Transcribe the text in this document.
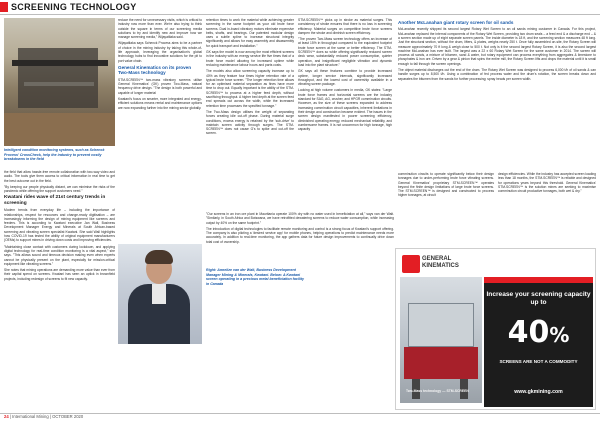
SCREENING TECHNOLOGY
Intelligent condition monitoring systems, such as Schenck Process' CrossCheck, help the industry to prevent costly breakdowns in the field

the field that allow hassle-free remote collaboration with two-way video and audio. The tools give them access to critical information in real time to get the best outcome out in the field.

"By keeping our people physically distant, we can minimise the risks of the pandemic while offering the support customers need."

Kwatani rides wave of 21st century trends in screening

Modern trends from everyday life – including the importance of relationships, respect for resources and change-ready digitisation – are increasingly informing the design of mining equipment like screens and feeders. This is according to Kwatani executive Jan Wall, Business Development Manager Energy and Minerals at South African-based screening and vibrating screen specialist Kwatani. She said Wall highlights how COVID-19 has tested the ability of original equipment manufacturers (OEMs) to support mines in driving down costs and improving efficiencies.

"Maintaining close contact with customers during lockdown, and applying digital technology for real-time condition monitoring is a vital aspect," she says. "This allows sound and timeous decision making even when experts cannot be physically present on the plant, especially for mission-critical equipment like vibrating screens."

She notes that mining operations are demanding more value than ever from their capital spend on screens. Kwatani has seen an uptick in brownfield projects, including redesign of screens to fit new capacity.

reduce the need for unnecessary visits, which is critical to industry now more than ever. We're also trying to think outside the square in terms of our screening media solutions to try and identify new and improve how we manage screening media," Wijayatilaka said.

Wijayatilaka says Schenck Process aims to be a partner of choice in the mining industry by taking this whole-of-life approach, leveraging the organisation's global technology hubs to find innovative solutions for the pit to port value chain.

General Kinematics on its proven Two-Mass technology

STM-SCREEN™ two-mass vibratory screens utilise General Kinematics' (GK) proven Two-Mass, natural frequency drive design. "The design is both powerful and capable of longer material

Kwatani's focus on smarter, more integrated and energy-efficient solutions means rental and maintenance options are now expanding further into the mining sector globally.

retention times to work the material while achieving greater screening in the same footprint as your old brute force screens. Dual in-board vibratory motors eliminate expensive belts, shafts, and bearings. Our patented modular design uses a subtle spline to increase structural integrity significantly and allows for easy assembly and disassembly for quick transport and installation."

GK says the model is now among the most efficient screens in the industry with an energy service life five times that of a brute force model allowing for increased uptime while reducing maintenance labour hours and parts costs.

The models also allow screening capacity increase up to 40% as they feature four times higher retention rate of a typical brute force screen. "The longer retention time allows for an optimised material separation as fines have more time to drop out. Equally important is the ability of the STM-SCREEN™ to process at a higher feed depth, without sacrificing throughput. A higher bed depth at the screen feed end spreads out across the width, while the increased retention time processes the specified tonnage."

The Two-Mass design utilises the weight of separating forces creating idle cut-off phase. During material surge conditions, excess energy is retained by the 'sub-drive' to maintain screen activity through surges. The STM-SCREEN™ does not cause G's to spike and cut-off the screen.

"Our screens in an iron ore plant in Mauritania operate 100% dry with no water used in beneficiation at all," says van der Walt. "Similarly, in South Africa and Botswana, we have retrofitted dewatering screens to reduce water consumption, while increasing output by 40% on the same footprint."

The introduction of digital technologies to facilitate remote monitoring and control is a strong focus of Kwatani's support offering. The company is also piloting a 'desired service app' for mobile phones, helping operations to predict maintenance needs more accurately. In addition to real-time monitoring, the app gathers data for future design improvements to continually drive down total cost of ownership.

Right: Annelize van der Walt, Business Development Manager Mining & Minerals, Kwatani. Below: A Kwatani screen operating in a precious metal beneficiation facility in Canada

STM-SCREEN™ picks up in stroke as material surges. This consistency of stroke ensures that there is no loss in screening efficiency. Material surges on competitive brute force screens dampen the stroke and diminish screen efficiency.

"The proven Two-Mass screen technology offers an increase of at least 15% in throughput compared to the equivalent footprint brute force screen at the same or better efficiency. The STM-SCREEN™ does so while offering significantly reduced screen deck wear, substantially reduced power consumption, quieter operation, and insignificant negligible vibration and dynamic load into the plant structure."

GK says all these features combine to provide increased uptime, longer service intervals, significantly increased throughput, and the lowest cost of ownership available in a vibrating screen package.

Looking at high volume customers in media, GK states: "Large brute force frames and horizontal screens are the industry standard for SAG, AG, crusher, and HPGR comminution circuits. However, as the size of these screens expanded to address increasing comminution circuit capacities, inherent limitations in their design and construction became evident. The issues in the screen design manifested in poorer screening efficiency, diminished operating energy, reduced mechanical reliability, and cumbersome frames. It is not uncommon for high tonnage, high capacity

Another McLanahan giant rotary screen for oil sands

McLanahan recently shipped its second largest Rotary Wet Screen to an oil sands mining customer in Canada. For this project, McLanahan replaced the internal components of the Rotary Wet Screen, providing two drum seals – a feed end & a discharge end – & a screen section made up of eight separate screen panels. The inside diameter is 18 ft, and the screening section measures 48 ft long. Just the structural section, without the drum, lifters, & plates, weighs nearly 250 t. Once fully assembled on-site, the Rotary Screen will measure approximately 70 ft long & weigh close to 500 t. Not only is it the second largest Rotary Screen, it is also the second largest machine McLanahan has ever built. The largest was a 22 x 60 Rotary Wet Screen for the same customer in 2014. The screen will process oil sands, a mixture of bitumen, sand & water, but rotary equipment can process everything from aggregates & limestone to phosphates & iron ore. Driven by a gear & pinion that spins the entire mill, the Rotary Screen lifts and drops the material until it is small enough to fall through the screen openings.

The object material discharges out the end of the drum. The Rotary Wet Screen was designed to process 6,000 t/h of oil sands & can handle surges up to 8,500 t/h. Using a combination of fed process water and the drum's rotation, the screen breaks down and separates the bitumen from the sands for further processing; spray heads per screen width.

comminution circuits to operate significantly below their design tonnages due to under-performing brute force vibrating screens. General Kinematics' proprietary STM-SCREEN™ operates beyond the finite design limitations of large brute force screens. The STM-SCREEN™ is designed and constructed to process higher tonnages, at circuit

design efficiencies. While the industry has accepted screen loading less than 18 months, the STM-SCREEN™ is reliable and designed for operations years beyond this threshold. General Kinematics' STM-SCREEN™ is the solution mines are seeking to maximise comminution circuit productive tonnages, both wet & dry."

GENERAL KINEMATICS
Two-Mass technology — STM-SCREEN
Increase your screening capacity up to
40%
SCREENS ARE NOT A COMMODITY
www.gkmining.com
24 | International Mining | OCTOBER 2020
